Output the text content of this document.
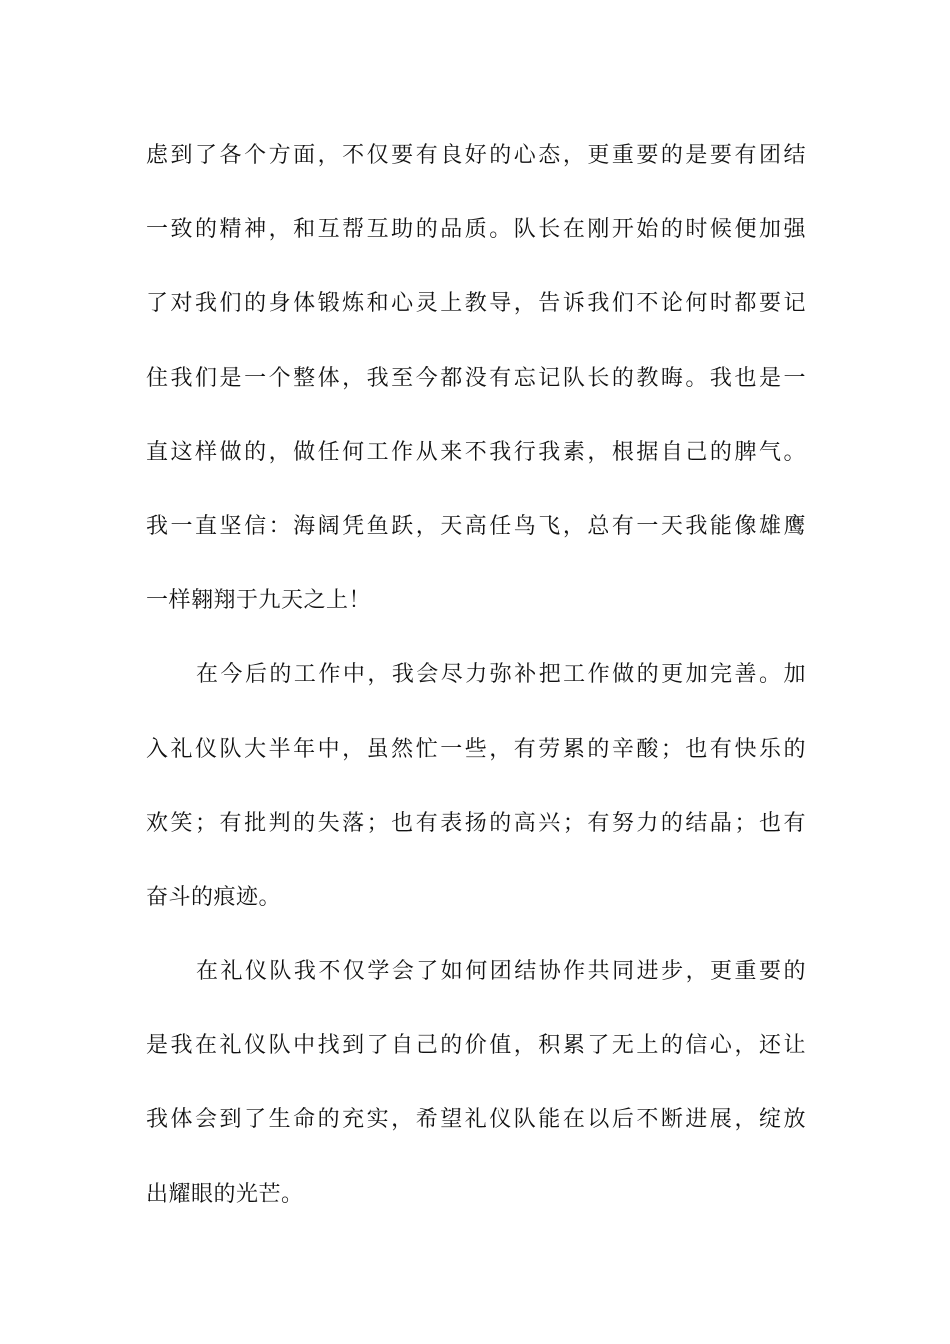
虑到了各个方面，不仅要有良好的心态，更重要的是要有团结
一致的精神，和互帮互助的品质。队长在刚开始的时候便加强
了对我们的身体锻炼和心灵上教导，告诉我们不论何时都要记
住我们是一个整体，我至今都没有忘记队长的教晦。我也是一
直这样做的，做任何工作从来不我行我素，根据自己的脾气。
我一直坚信：海阔凭鱼跃，天高任鸟飞，总有一天我能像雄鹰
一样翱翔于九天之上！
在今后的工作中，我会尽力弥补把工作做的更加完善。加
入礼仪队大半年中，虽然忙一些，有劳累的辛酸；也有快乐的
欢笑；有批判的失落；也有表扬的高兴；有努力的结晶；也有
奋斗的痕迹。
在礼仪队我不仅学会了如何团结协作共同进步，更重要的
是我在礼仪队中找到了自己的价值，积累了无上的信心，还让
我体会到了生命的充实，希望礼仪队能在以后不断进展，绽放
出耀眼的光芒。
